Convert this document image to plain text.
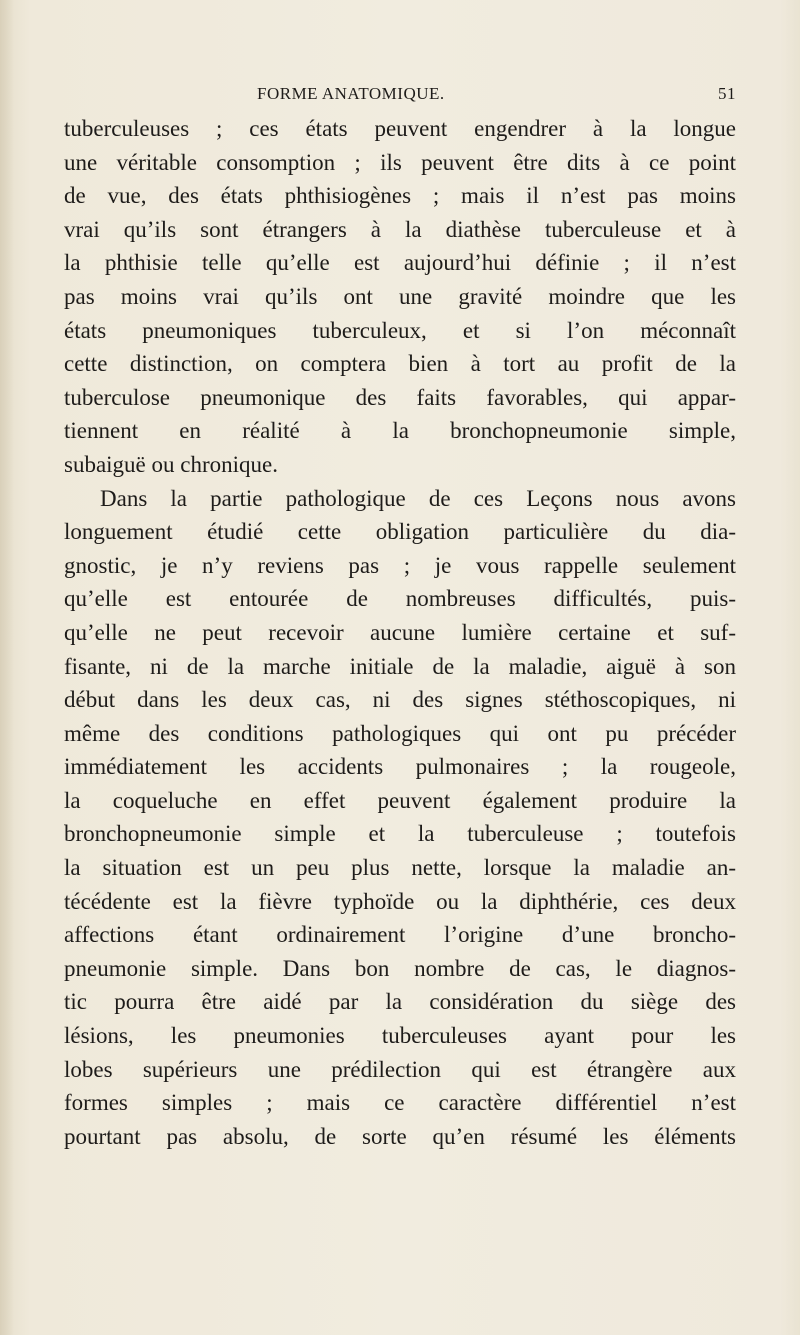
FORME ANATOMIQUE.	51
tuberculeuses ; ces états peuvent engendrer à la longue
une véritable consomption ; ils peuvent être dits à ce point
de vue, des états phthisiogènes ; mais il n’est pas moins
vrai qu’ils sont étrangers à la diathèse tuberculeuse et à
la phthisie telle qu’elle est aujourd’hui définie ; il n’est
pas moins vrai qu’ils ont une gravité moindre que les
états pneumoniques tuberculeux, et si l’on méconnaît
cette distinction, on comptera bien à tort au profit de la
tuberculose pneumonique des faits favorables, qui appar-
tiennent en réalité à la bronchopneumonie simple,
subaiguë ou chronique.
Dans la partie pathologique de ces Leçons nous avons
longuement étudié cette obligation particulière du dia-
gnostic, je n’y reviens pas ; je vous rappelle seulement
qu’elle est entourée de nombreuses difficultés, puis-
qu’elle ne peut recevoir aucune lumière certaine et suf-
fisante, ni de la marche initiale de la maladie, aiguë à son
début dans les deux cas, ni des signes stéthoscopiques, ni
même des conditions pathologiques qui ont pu précéder
immédiatement les accidents pulmonaires ; la rougeole,
la coqueluche en effet peuvent également produire la
bronchopneumonie simple et la tuberculeuse ; toutefois
la situation est un peu plus nette, lorsque la maladie an-
técédente est la fièvre typhoïde ou la diphthérie, ces deux
affections étant ordinairement l’origine d’une broncho-
pneumonie simple. Dans bon nombre de cas, le diagnos-
tic pourra être aidé par la considération du siège des
lésions, les pneumonies tuberculeuses ayant pour les
lobes supérieurs une prédilection qui est étrangère aux
formes simples ; mais ce caractère différentiel n’est
pourtant pas absolu, de sorte qu’en résumé les éléments
